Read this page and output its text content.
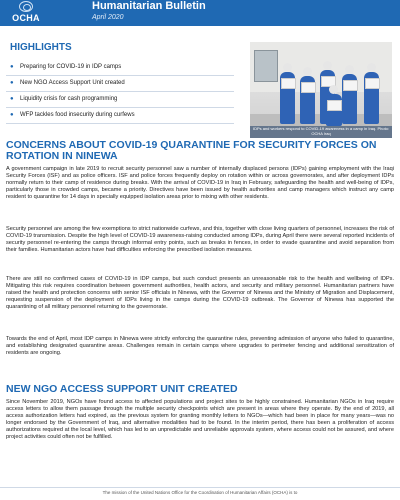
OCHA
Humanitarian Bulletin
April 2020
HIGHLIGHTS
● Preparing for COVID-19 in IDP camps
● New NGO Access Support Unit created
● Liquidity crisis for cash programming
● WFP tackles food insecurity during curfews
IDPs and workers respond to COVID-19 awareness in a camp in Iraq. Photo: OCHA Iraq
CONCERNS ABOUT COVID-19 QUARANTINE FOR SECURITY FORCES ON ROTATION IN NINEWA

A government campaign in late 2019 to recruit security personnel saw a number of internally displaced persons (IDPs) gaining employment with the Iraqi Security Forces (ISF) and as police officers. ISF and police forces frequently deploy on rotation within or across governorates, and after deployment IDPs normally return to their camp of residence during breaks. With the arrival of COVID-19 in Iraq in February, safeguarding the health and well-being of IDPs, particularly those in crowded camps, became a priority. Directives have been issued by health authorities and camp managers which instruct any camp resident to quarantine for 14 days in specially equipped isolation areas prior to mixing with other residents.

Security personnel are among the few exemptions to strict nationwide curfews, and this, together with close living quarters of personnel, increases the risk of COVID-19 transmission. Despite the high level of COVID-19 awareness-raising conducted among IDPs, during April there were several reported incidents of security personnel re-entering the camps through informal entry points, such as breaks in fences, in order to evade quarantine and avoid separation from their families. Humanitarian actors have had difficulties enforcing the prescribed isolation measures.

There are still no confirmed cases of COVID-19 in IDP camps, but such conduct presents an unreasonable risk to the health and wellbeing of IDPs. Mitigating this risk requires coordination between government authorities, health actors, and security and military personnel. Humanitarian partners have raised the health and protection concerns with senior ISF officials in Ninewa, with the Governor of Ninewa and the Ministry of Migration and Displacement, requesting suspension of the deployment of IDPs living in the camps during the COVID-19 outbreak. The Governor of Ninewa has supported the quarantining of all military personnel returning to the governorate.

Towards the end of April, most IDP camps in Ninewa were strictly enforcing the quarantine rules, preventing admission of anyone who failed to quarantine, and establishing designated quarantine areas. Challenges remain in certain camps where upgrades to perimeter fencing and additional sensitization of residents are ongoing.

NEW NGO ACCESS SUPPORT UNIT CREATED

Since November 2019, NGOs have found access to affected populations and project sites to be highly constrained. Humanitarian NGOs in Iraq require access letters to allow them passage through the multiple security checkpoints which are present in areas where they operate. By the end of 2019, all access authorization letters had expired, as the previous system for granting monthly letters to NGOs—which had been in place for many years—was no longer endorsed by the Government of Iraq, and alternative modalities had to be found. In the interim period, there has been a proliferation of access authorizations required at the local level, which has led to an unpredictable and unreliable approvals system, where access could not be assured, and where project activities could often not be fulfilled.

The mission of the United Nations Office for the Coordination of Humanitarian Affairs (OCHA) is to
